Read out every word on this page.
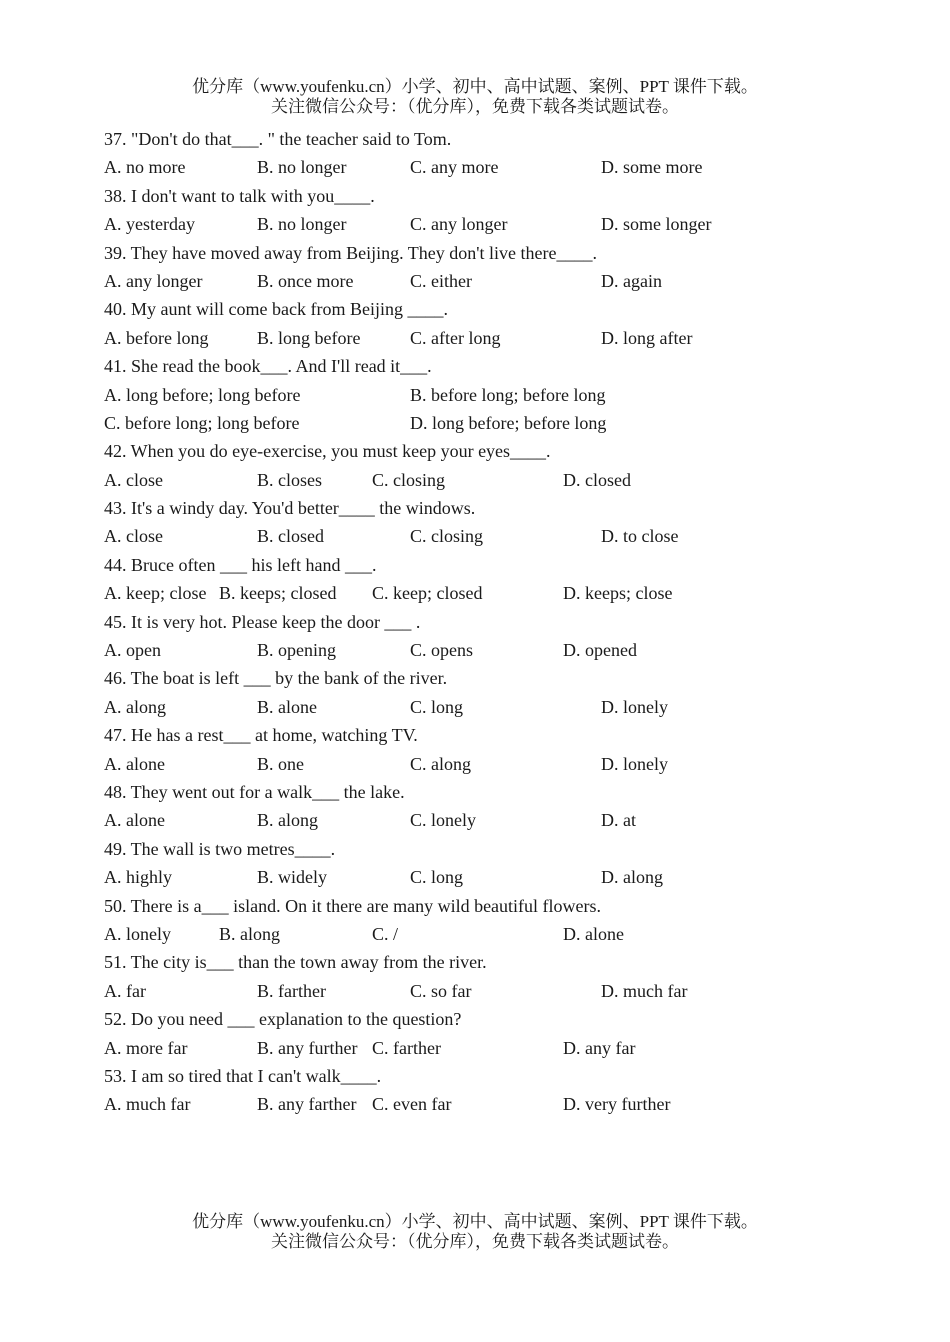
优分库（www.youfenku.cn）小学、初中、高中试题、案例、PPT 课件下载。
关注微信公众号：（优分库），免费下载各类试题试卷。
37. "Don't do that___. " the teacher said to Tom.
A. no more	B. no longer	C. any more	D. some more
38. I don't want to talk with you____.
A. yesterday	B. no longer	C. any longer	D. some longer
39. They have moved away from Beijing. They don't live there____.
A. any longer	B. once more	C. either	D. again
40. My aunt will come back from Beijing ____.
A. before long	B. long before	C. after long	D. long after
41. She read the book___. And I'll read it___.
A. long before; long before	B. before long; before long
C. before long; long before	D. long before; before long
42. When you do eye-exercise, you must keep your eyes____.
A. close	B. closes	C. closing	D. closed
43. It's a windy day. You'd better____ the windows.
A. close	B. closed	C. closing	D. to close
44. Bruce often ___ his left hand ___.
A. keep; close B. keeps; closed C. keep; closed	D. keeps; close
45. It is very hot. Please keep the door ___ .
A. open	B. opening	C. opens	D. opened
46. The boat is left ___ by the bank of the river.
A. along	B. alone	C. long	D. lonely
47. He has a rest___ at home, watching TV.
A. alone	B. one	C. along	D. lonely
48. They went out for a walk___ the lake.
A. alone	B. along	C. lonely	D. at
49. The wall is two metres____.
A. highly	B. widely	C. long	D. along
50. There is a___ island. On it there are many wild beautiful flowers.
A. lonely	B. along	C. /	D. alone
51. The city is___ than the town away from the river.
A. far	B. farther	C. so far	D. much far
52. Do you need ___ explanation to the question?
A. more far	B. any further C. farther	D. any far
53. I am so tired that I can't walk____.
A. much far	B. any farther C. even far	D. very further
优分库（www.youfenku.cn）小学、初中、高中试题、案例、PPT 课件下载。
关注微信公众号：（优分库），免费下载各类试题试卷。
